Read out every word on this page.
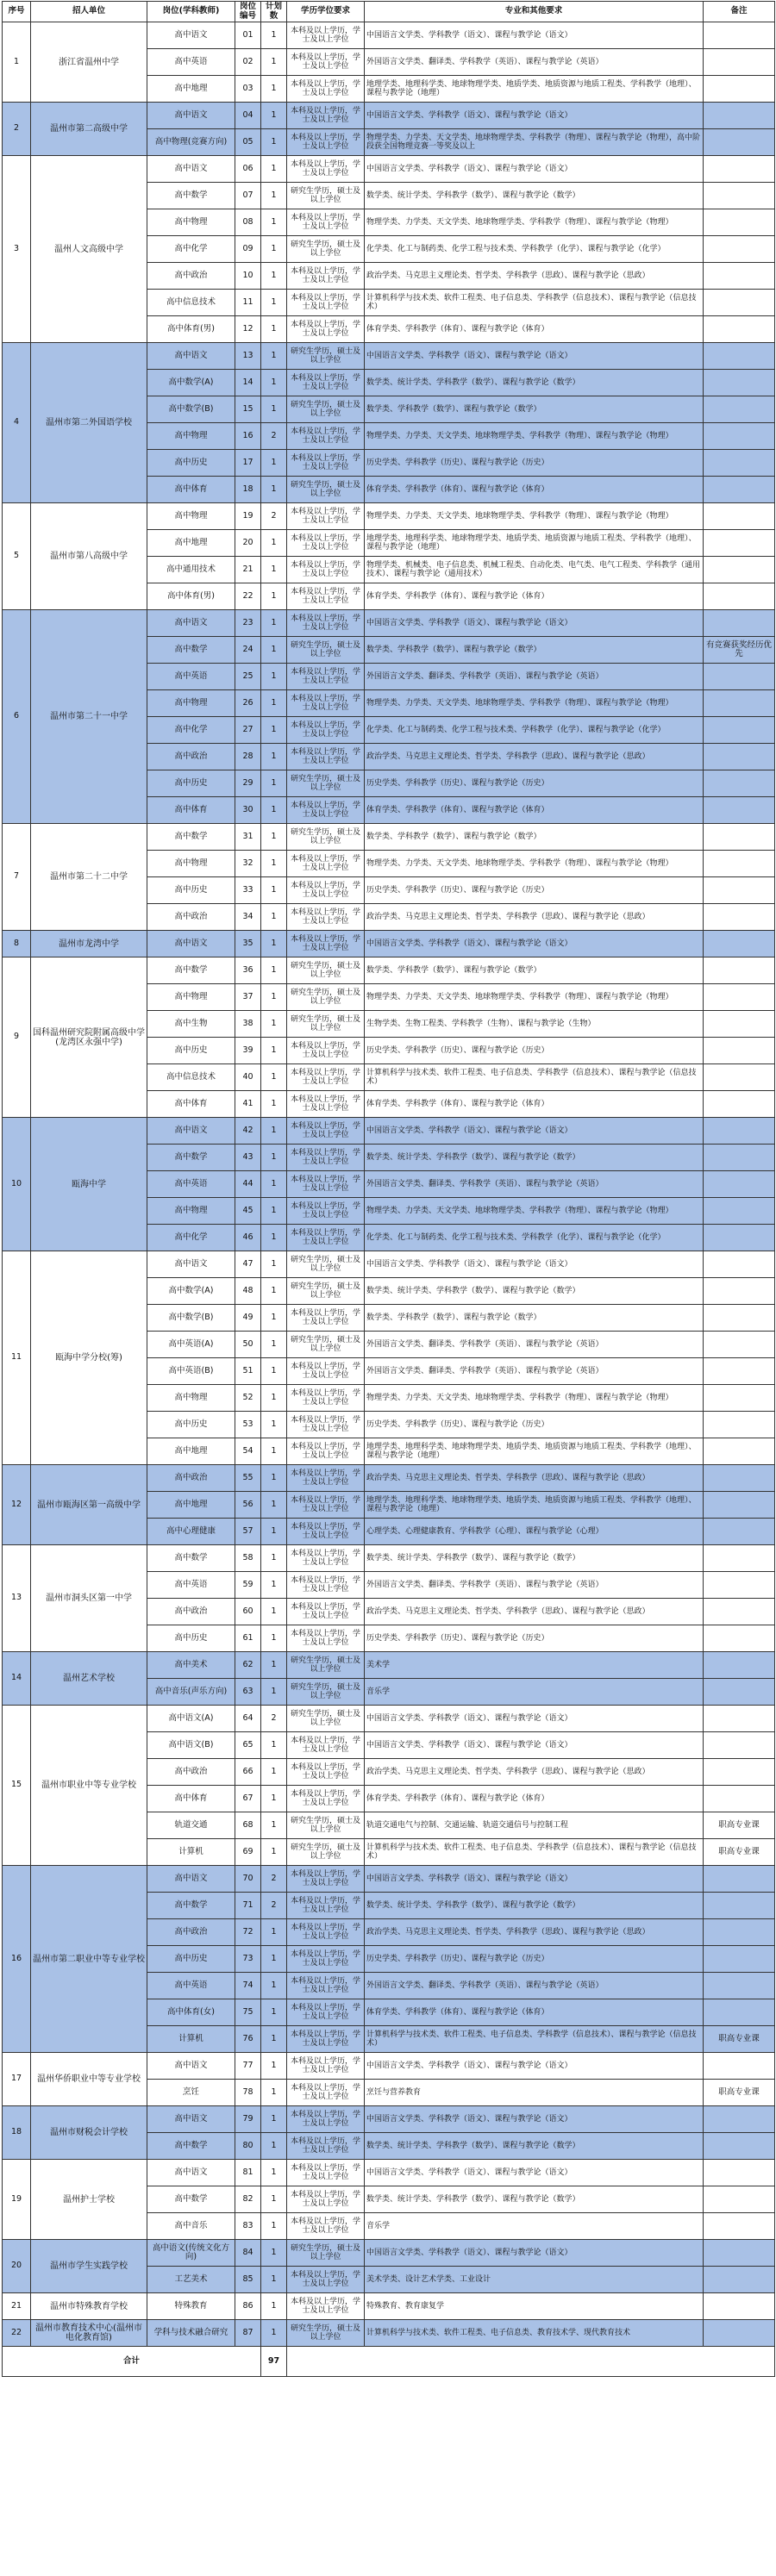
序号	招人单位	岗位(学科教师)	岗位编号	计划数	学历学位要求	专业和其他要求	备注
1	浙江省温州中学	高中语文	01	1	本科及以上学历，学士及以上学位	中国语言文学类、学科教学（语文）、课程与教学论（语文）	
		高中英语	02	1	本科及以上学历，学士及以上学位	外国语言文学类、翻译类、学科教学（英语）、课程与教学论（英语）	
		高中地理	03	1	本科及以上学历，学士及以上学位	地理学类、地理科学类、地球物理学类、地质学类、地质资源与地质工程类、学科教学（地理）、课程与教学论（地理）	
2	温州市第二高级中学	高中语文	04	1	本科及以上学历，学士及以上学位	中国语言文学类、学科教学（语文）、课程与教学论（语文）	
		高中物理(竞赛方向)	05	1	本科及以上学历，学士及以上学位	物理学类、力学类、天文学类、地球物理学类、学科教学（物理）、课程与教学论（物理），高中阶段获全国物理竞赛一等奖及以上	
3	温州人文高级中学	高中语文	06	1	本科及以上学历，学士及以上学位	中国语言文学类、学科教学（语文）、课程与教学论（语文）	
		高中数学	07	1	研究生学历，硕士及以上学位	数学类、统计学类、学科教学（数学）、课程与教学论（数学）	
		高中物理	08	1	本科及以上学历，学士及以上学位	物理学类、力学类、天文学类、地球物理学类、学科教学（物理）、课程与教学论（物理）	
		高中化学	09	1	研究生学历，硕士及以上学位	化学类、化工与制药类、化学工程与技术类、学科教学（化学）、课程与教学论（化学）	
		高中政治	10	1	本科及以上学历，学士及以上学位	政治学类、马克思主义理论类、哲学类、学科教学（思政）、课程与教学论（思政）	
		高中信息技术	11	1	本科及以上学历，学士及以上学位	计算机科学与技术类、软件工程类、电子信息类、学科教学（信息技术）、课程与教学论（信息技术）	
		高中体育(男)	12	1	本科及以上学历，学士及以上学位	体育学类、学科教学（体育）、课程与教学论（体育）	
4	温州市第二外国语学校	高中语文	13	1	研究生学历，硕士及以上学位	中国语言文学类、学科教学（语文）、课程与教学论（语文）	
		高中数学(A)	14	1	本科及以上学历，学士及以上学位	数学类、统计学类、学科教学（数学）、课程与教学论（数学）	
		高中数学(B)	15	1	研究生学历，硕士及以上学位	数学类、学科教学（数学）、课程与教学论（数学）	
		高中物理	16	2	本科及以上学历，学士及以上学位	物理学类、力学类、天文学类、地球物理学类、学科教学（物理）、课程与教学论（物理）	
		高中历史	17	1	本科及以上学历，学士及以上学位	历史学类、学科教学（历史）、课程与教学论（历史）	
		高中体育	18	1	研究生学历，硕士及以上学位	体育学类、学科教学（体育）、课程与教学论（体育）	
5	温州市第八高级中学	高中物理	19	2	本科及以上学历，学士及以上学位	物理学类、力学类、天文学类、地球物理学类、学科教学（物理）、课程与教学论（物理）	
		高中地理	20	1	本科及以上学历，学士及以上学位	地理学类、地理科学类、地球物理学类、地质学类、地质资源与地质工程类、学科教学（地理）、课程与教学论（地理）	
		高中通用技术	21	1	本科及以上学历，学士及以上学位	物理学类、机械类、电子信息类、机械工程类、自动化类、电气类、电气工程类、学科教学（通用技术）、课程与教学论（通用技术）	
		高中体育(男)	22	1	本科及以上学历，学士及以上学位	体育学类、学科教学（体育）、课程与教学论（体育）	
6	温州市第二十一中学	高中语文	23	1	本科及以上学历，学士及以上学位	中国语言文学类、学科教学（语文）、课程与教学论（语文）	
		高中数学	24	1	研究生学历，硕士及以上学位	数学类、学科教学（数学）、课程与教学论（数学）	有竞赛获奖经历优先
		高中英语	25	1	本科及以上学历，学士及以上学位	外国语言文学类、翻译类、学科教学（英语）、课程与教学论（英语）	
		高中物理	26	1	本科及以上学历，学士及以上学位	物理学类、力学类、天文学类、地球物理学类、学科教学（物理）、课程与教学论（物理）	
		高中化学	27	1	本科及以上学历，学士及以上学位	化学类、化工与制药类、化学工程与技术类、学科教学（化学）、课程与教学论（化学）	
		高中政治	28	1	本科及以上学历，学士及以上学位	政治学类、马克思主义理论类、哲学类、学科教学（思政）、课程与教学论（思政）	
		高中历史	29	1	研究生学历，硕士及以上学位	历史学类、学科教学（历史）、课程与教学论（历史）	
		高中体育	30	1	本科及以上学历，学士及以上学位	体育学类、学科教学（体育）、课程与教学论（体育）	
7	温州市第二十二中学	高中数学	31	1	研究生学历，硕士及以上学位	数学类、学科教学（数学）、课程与教学论（数学）	
		高中物理	32	1	本科及以上学历，学士及以上学位	物理学类、力学类、天文学类、地球物理学类、学科教学（物理）、课程与教学论（物理）	
		高中历史	33	1	本科及以上学历，学士及以上学位	历史学类、学科教学（历史）、课程与教学论（历史）	
		高中政治	34	1	本科及以上学历，学士及以上学位	政治学类、马克思主义理论类、哲学类、学科教学（思政）、课程与教学论（思政）	
8	温州市龙湾中学	高中语文	35	1	本科及以上学历，学士及以上学位	中国语言文学类、学科教学（语文）、课程与教学论（语文）	
9	国科温州研究院附属高级中学(龙湾区永强中学)	高中数学	36	1	研究生学历，硕士及以上学位	数学类、学科教学（数学）、课程与教学论（数学）	
		高中物理	37	1	研究生学历，硕士及以上学位	物理学类、力学类、天文学类、地球物理学类、学科教学（物理）、课程与教学论（物理）	
		高中生物	38	1	研究生学历，硕士及以上学位	生物学类、生物工程类、学科教学（生物）、课程与教学论（生物）	
		高中历史	39	1	本科及以上学历，学士及以上学位	历史学类、学科教学（历史）、课程与教学论（历史）	
		高中信息技术	40	1	本科及以上学历，学士及以上学位	计算机科学与技术类、软件工程类、电子信息类、学科教学（信息技术）、课程与教学论（信息技术）	
		高中体育	41	1	本科及以上学历，学士及以上学位	体育学类、学科教学（体育）、课程与教学论（体育）	
10	瓯海中学	高中语文	42	1	本科及以上学历，学士及以上学位	中国语言文学类、学科教学（语文）、课程与教学论（语文）	
		高中数学	43	1	本科及以上学历，学士及以上学位	数学类、统计学类、学科教学（数学）、课程与教学论（数学）	
		高中英语	44	1	本科及以上学历，学士及以上学位	外国语言文学类、翻译类、学科教学（英语）、课程与教学论（英语）	
		高中物理	45	1	本科及以上学历，学士及以上学位	物理学类、力学类、天文学类、地球物理学类、学科教学（物理）、课程与教学论（物理）	
		高中化学	46	1	本科及以上学历，学士及以上学位	化学类、化工与制药类、化学工程与技术类、学科教学（化学）、课程与教学论（化学）	
11	瓯海中学分校(筹)	高中语文	47	1	研究生学历，硕士及以上学位	中国语言文学类、学科教学（语文）、课程与教学论（语文）	
		高中数学(A)	48	1	研究生学历，硕士及以上学位	数学类、统计学类、学科教学（数学）、课程与教学论（数学）	
		高中数学(B)	49	1	本科及以上学历，学士及以上学位	数学类、学科教学（数学）、课程与教学论（数学）	
		高中英语(A)	50	1	研究生学历，硕士及以上学位	外国语言文学类、翻译类、学科教学（英语）、课程与教学论（英语）	
		高中英语(B)	51	1	本科及以上学历，学士及以上学位	外国语言文学类、翻译类、学科教学（英语）、课程与教学论（英语）	
		高中物理	52	1	本科及以上学历，学士及以上学位	物理学类、力学类、天文学类、地球物理学类、学科教学（物理）、课程与教学论（物理）	
		高中历史	53	1	本科及以上学历，学士及以上学位	历史学类、学科教学（历史）、课程与教学论（历史）	
		高中地理	54	1	本科及以上学历，学士及以上学位	地理学类、地理科学类、地球物理学类、地质学类、地质资源与地质工程类、学科教学（地理）、课程与教学论（地理）	
12	温州市瓯海区第一高级中学	高中政治	55	1	本科及以上学历，学士及以上学位	政治学类、马克思主义理论类、哲学类、学科教学（思政）、课程与教学论（思政）	
		高中地理	56	1	本科及以上学历，学士及以上学位	地理学类、地理科学类、地球物理学类、地质学类、地质资源与地质工程类、学科教学（地理）、课程与教学论（地理）	
		高中心理健康	57	1	本科及以上学历，学士及以上学位	心理学类、心理健康教育、学科教学（心理）、课程与教学论（心理）	
13	温州市洞头区第一中学	高中数学	58	1	本科及以上学历，学士及以上学位	数学类、统计学类、学科教学（数学）、课程与教学论（数学）	
		高中英语	59	1	本科及以上学历，学士及以上学位	外国语言文学类、翻译类、学科教学（英语）、课程与教学论（英语）	
		高中政治	60	1	本科及以上学历，学士及以上学位	政治学类、马克思主义理论类、哲学类、学科教学（思政）、课程与教学论（思政）	
		高中历史	61	1	本科及以上学历，学士及以上学位	历史学类、学科教学（历史）、课程与教学论（历史）	
14	温州艺术学校	高中美术	62	1	研究生学历，硕士及以上学位	美术学	
		高中音乐(声乐方向)	63	1	研究生学历，硕士及以上学位	音乐学	
15	温州市职业中等专业学校	高中语文(A)	64	2	研究生学历，硕士及以上学位	中国语言文学类、学科教学（语文）、课程与教学论（语文）	
		高中语文(B)	65	1	本科及以上学历，学士及以上学位	中国语言文学类、学科教学（语文）、课程与教学论（语文）	
		高中政治	66	1	本科及以上学历，学士及以上学位	政治学类、马克思主义理论类、哲学类、学科教学（思政）、课程与教学论（思政）	
		高中体育	67	1	本科及以上学历，学士及以上学位	体育学类、学科教学（体育）、课程与教学论（体育）	
		轨道交通	68	1	研究生学历，硕士及以上学位	轨道交通电气与控制、交通运输、轨道交通信号与控制工程	职高专业课
		计算机	69	1	研究生学历，硕士及以上学位	计算机科学与技术类、软件工程类、电子信息类、学科教学（信息技术）、课程与教学论（信息技术）	职高专业课
16	温州市第二职业中等专业学校	高中语文	70	2	本科及以上学历，学士及以上学位	中国语言文学类、学科教学（语文）、课程与教学论（语文）	
		高中数学	71	2	本科及以上学历，学士及以上学位	数学类、统计学类、学科教学（数学）、课程与教学论（数学）	
		高中政治	72	1	本科及以上学历，学士及以上学位	政治学类、马克思主义理论类、哲学类、学科教学（思政）、课程与教学论（思政）	
		高中历史	73	1	本科及以上学历，学士及以上学位	历史学类、学科教学（历史）、课程与教学论（历史）	
		高中英语	74	1	本科及以上学历，学士及以上学位	外国语言文学类、翻译类、学科教学（英语）、课程与教学论（英语）	
		高中体育(女)	75	1	本科及以上学历，学士及以上学位	体育学类、学科教学（体育）、课程与教学论（体育）	
		计算机	76	1	本科及以上学历，学士及以上学位	计算机科学与技术类、软件工程类、电子信息类、学科教学（信息技术）、课程与教学论（信息技术）	职高专业课
17	温州华侨职业中等专业学校	高中语文	77	1	本科及以上学历，学士及以上学位	中国语言文学类、学科教学（语文）、课程与教学论（语文）	
		烹饪	78	1	本科及以上学历，学士及以上学位	烹饪与营养教育	职高专业课
18	温州市财税会计学校	高中语文	79	1	本科及以上学历，学士及以上学位	中国语言文学类、学科教学（语文）、课程与教学论（语文）	
		高中数学	80	1	本科及以上学历，学士及以上学位	数学类、统计学类、学科教学（数学）、课程与教学论（数学）	
19	温州护士学校	高中语文	81	1	本科及以上学历，学士及以上学位	中国语言文学类、学科教学（语文）、课程与教学论（语文）	
		高中数学	82	1	本科及以上学历，学士及以上学位	数学类、统计学类、学科教学（数学）、课程与教学论（数学）	
		高中音乐	83	1	本科及以上学历，学士及以上学位	音乐学	
20	温州市学生实践学校	高中语文(传统文化方向)	84	1	研究生学历，硕士及以上学位	中国语言文学类、学科教学（语文）、课程与教学论（语文）	
		工艺美术	85	1	本科及以上学历，学士及以上学位	美术学类、设计艺术学类、工业设计	
21	温州市特殊教育学校	特殊教育	86	1	本科及以上学历，学士及以上学位	特殊教育、教育康复学	
22	温州市教育技术中心(温州市电化教育馆)	学科与技术融合研究	87	1	研究生学历，硕士及以上学位	计算机科学与技术类、软件工程类、电子信息类、教育技术学、现代教育技术	
合计				97			
